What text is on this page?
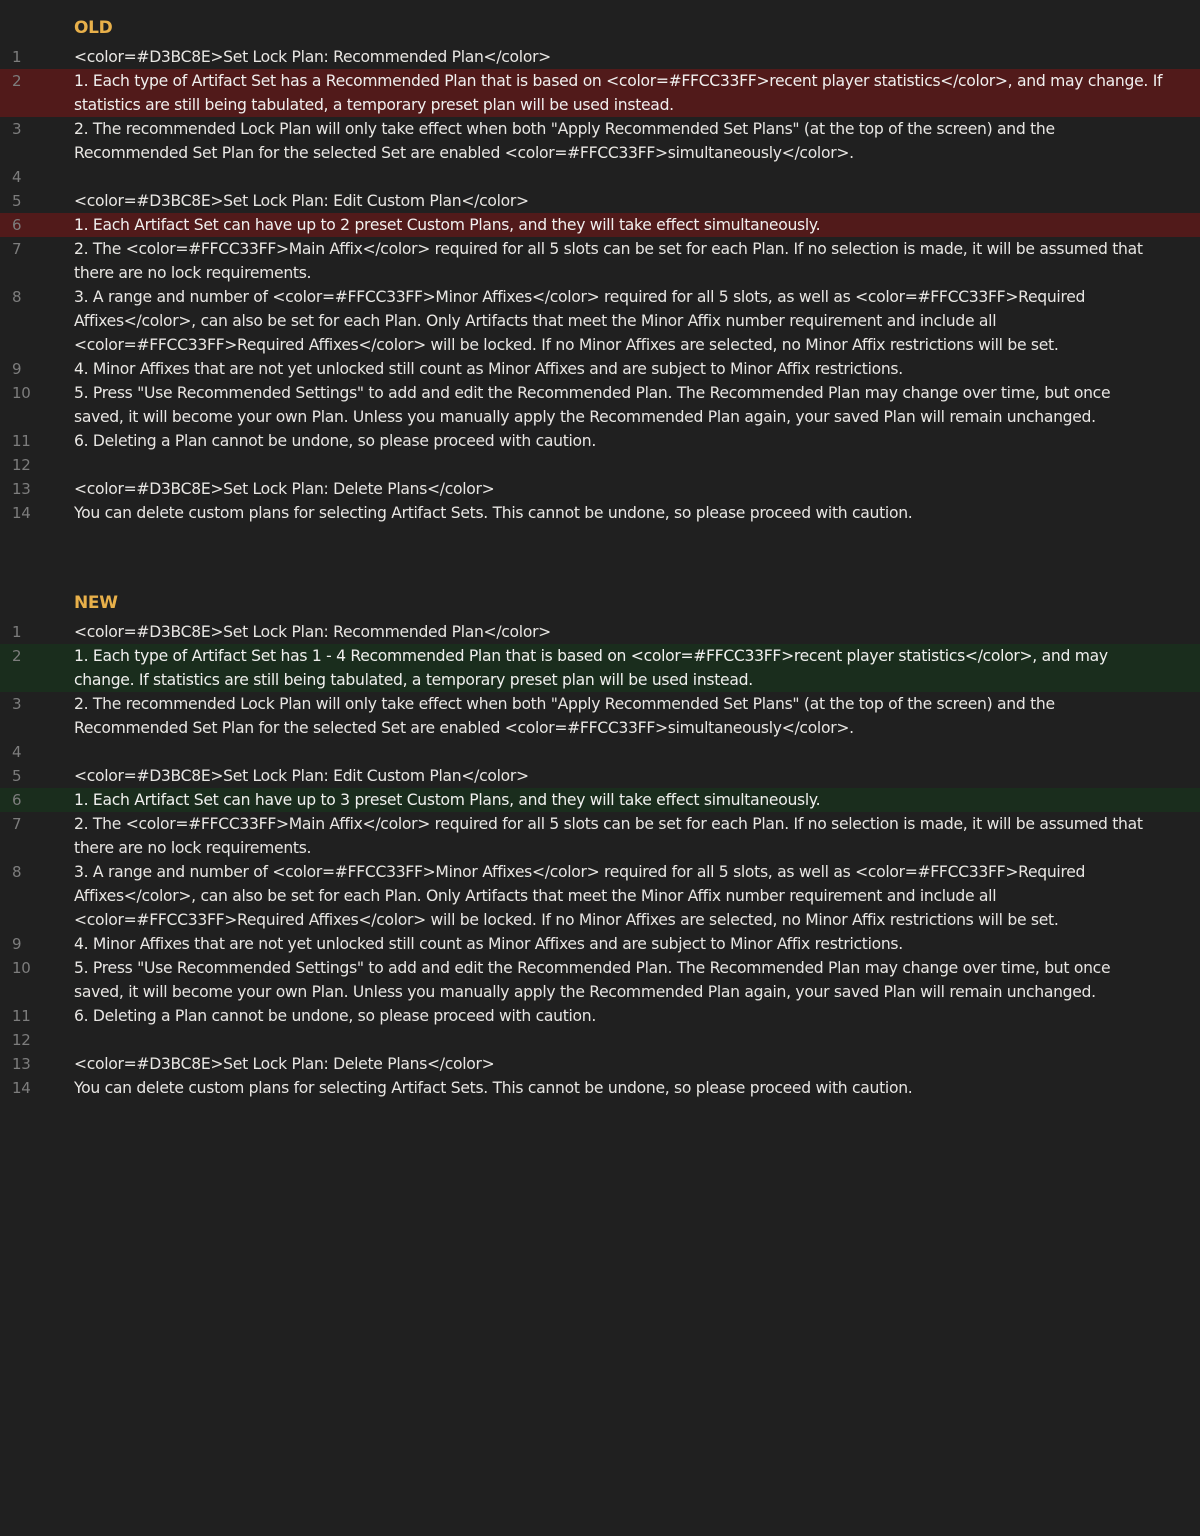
OLD
1	<color=#D3BC8E>Set Lock Plan: Recommended Plan</color>
2	1. Each type of Artifact Set has a Recommended Plan that is based on <color=#FFCC33FF>recent player statistics</color>, and may change. If statistics are still being tabulated, a temporary preset plan will be used instead.
3	2. The recommended Lock Plan will only take effect when both "Apply Recommended Set Plans" (at the top of the screen) and the Recommended Set Plan for the selected Set are enabled <color=#FFCC33FF>simultaneously</color>.
4
5	<color=#D3BC8E>Set Lock Plan: Edit Custom Plan</color>
6	1. Each Artifact Set can have up to 2 preset Custom Plans, and they will take effect simultaneously.
7	2. The <color=#FFCC33FF>Main Affix</color> required for all 5 slots can be set for each Plan. If no selection is made, it will be assumed that there are no lock requirements.
8	3. A range and number of <color=#FFCC33FF>Minor Affixes</color> required for all 5 slots, as well as <color=#FFCC33FF>Required Affixes</color>, can also be set for each Plan. Only Artifacts that meet the Minor Affix number requirement and include all <color=#FFCC33FF>Required Affixes</color> will be locked. If no Minor Affixes are selected, no Minor Affix restrictions will be set.
9	4. Minor Affixes that are not yet unlocked still count as Minor Affixes and are subject to Minor Affix restrictions.
10	5. Press "Use Recommended Settings" to add and edit the Recommended Plan. The Recommended Plan may change over time, but once saved, it will become your own Plan. Unless you manually apply the Recommended Plan again, your saved Plan will remain unchanged.
11	6. Deleting a Plan cannot be undone, so please proceed with caution.
12
13	<color=#D3BC8E>Set Lock Plan: Delete Plans</color>
14	You can delete custom plans for selecting Artifact Sets. This cannot be undone, so please proceed with caution.
NEW
1	<color=#D3BC8E>Set Lock Plan: Recommended Plan</color>
2	1. Each type of Artifact Set has 1 - 4 Recommended Plan that is based on <color=#FFCC33FF>recent player statistics</color>, and may change. If statistics are still being tabulated, a temporary preset plan will be used instead.
3	2. The recommended Lock Plan will only take effect when both "Apply Recommended Set Plans" (at the top of the screen) and the Recommended Set Plan for the selected Set are enabled <color=#FFCC33FF>simultaneously</color>.
4
5	<color=#D3BC8E>Set Lock Plan: Edit Custom Plan</color>
6	1. Each Artifact Set can have up to 3 preset Custom Plans, and they will take effect simultaneously.
7	2. The <color=#FFCC33FF>Main Affix</color> required for all 5 slots can be set for each Plan. If no selection is made, it will be assumed that there are no lock requirements.
8	3. A range and number of <color=#FFCC33FF>Minor Affixes</color> required for all 5 slots, as well as <color=#FFCC33FF>Required Affixes</color>, can also be set for each Plan. Only Artifacts that meet the Minor Affix number requirement and include all <color=#FFCC33FF>Required Affixes</color> will be locked. If no Minor Affixes are selected, no Minor Affix restrictions will be set.
9	4. Minor Affixes that are not yet unlocked still count as Minor Affixes and are subject to Minor Affix restrictions.
10	5. Press "Use Recommended Settings" to add and edit the Recommended Plan. The Recommended Plan may change over time, but once saved, it will become your own Plan. Unless you manually apply the Recommended Plan again, your saved Plan will remain unchanged.
11	6. Deleting a Plan cannot be undone, so please proceed with caution.
12
13	<color=#D3BC8E>Set Lock Plan: Delete Plans</color>
14	You can delete custom plans for selecting Artifact Sets. This cannot be undone, so please proceed with caution.
